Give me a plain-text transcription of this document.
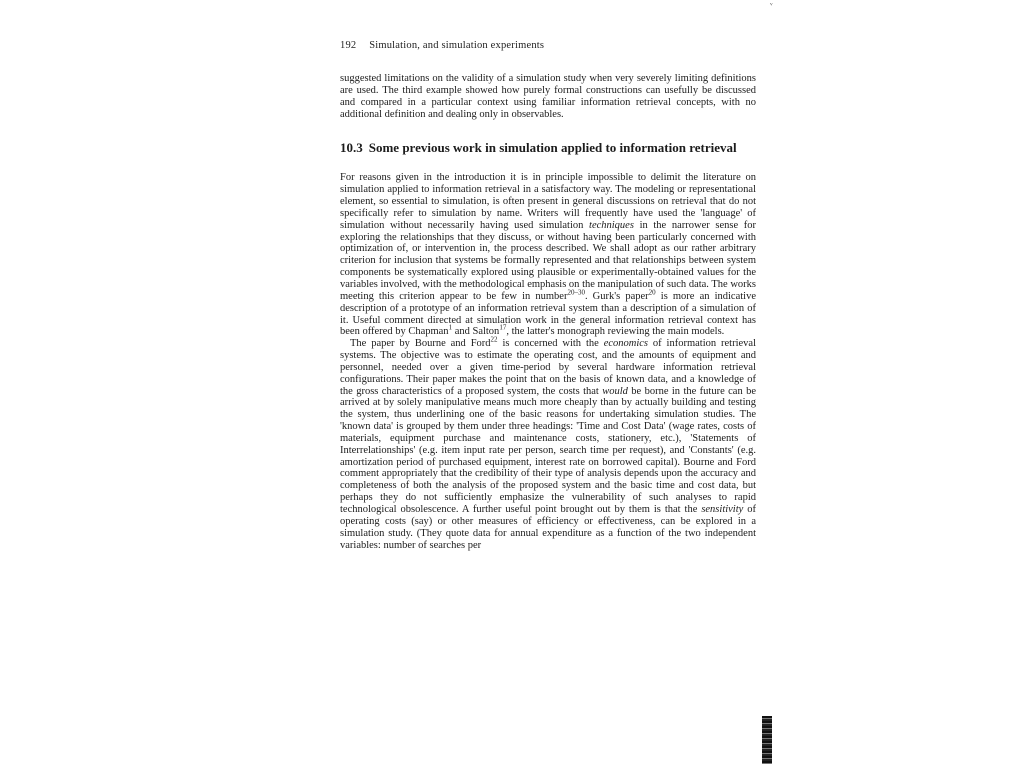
ᵛ
192 Simulation, and simulation experiments

suggested limitations on the validity of a simulation study when very severely limiting definitions are used. The third example showed how purely formal constructions can usefully be discussed and compared in a particular context using familiar information retrieval concepts, with no additional definition and dealing only in observables.

10.3 Some previous work in simulation applied to information retrieval

For reasons given in the introduction it is in principle impossible to delimit the literature on simulation applied to information retrieval in a satisfactory way. The modeling or representational element, so essential to simulation, is often present in general discussions on retrieval that do not specifically refer to simulation by name. Writers will frequently have used the 'language' of simulation without necessarily having used simulation techniques in the narrower sense for exploring the relationships that they discuss, or without having been particularly concerned with optimization of, or intervention in, the process described. We shall adopt as our rather arbitrary criterion for inclusion that systems be formally represented and that relationships between system components be systematically explored using plausible or experimentally-obtained values for the variables involved, with the methodological emphasis on the manipulation of such data. The works meeting this criterion appear to be few in number$^{20-30}$. Gurk's paper$^{20}$ is more an indicative description of a prototype of an information retrieval system than a description of a simulation of it. Useful comment directed at simulation work in the general information retrieval context has been offered by Chapman$^1$ and Salton$^{17}$, the latter's monograph reviewing the main models.

The paper by Bourne and Ford$^{22}$ is concerned with the economics of information retrieval systems. The objective was to estimate the operating cost, and the amounts of equipment and personnel, needed over a given time-period by several hardware information retrieval configurations. Their paper makes the point that on the basis of known data, and a knowledge of the gross characteristics of a proposed system, the costs that would be borne in the future can be arrived at by solely manipulative means much more cheaply than by actually building and testing the system, thus underlining one of the basic reasons for undertaking simulation studies. The 'known data' is grouped by them under three headings: 'Time and Cost Data' (wage rates, costs of materials, equipment purchase and maintenance costs, stationery, etc.), 'Statements of Interrelationships' (e.g. item input rate per person, search time per request), and 'Constants' (e.g. amortization period of purchased equipment, interest rate on borrowed capital). Bourne and Ford comment appropriately that the credibility of their type of analysis depends upon the accuracy and completeness of both the analysis of the proposed system and the basic time and cost data, but perhaps they do not sufficiently emphasize the vulnerability of such analyses to rapid technological obsolescence. A further useful point brought out by them is that the sensitivity of operating costs (say) or other measures of efficiency or effectiveness, can be explored in a simulation study. (They quote data for annual expenditure as a function of the two independent variables: number of searches per
